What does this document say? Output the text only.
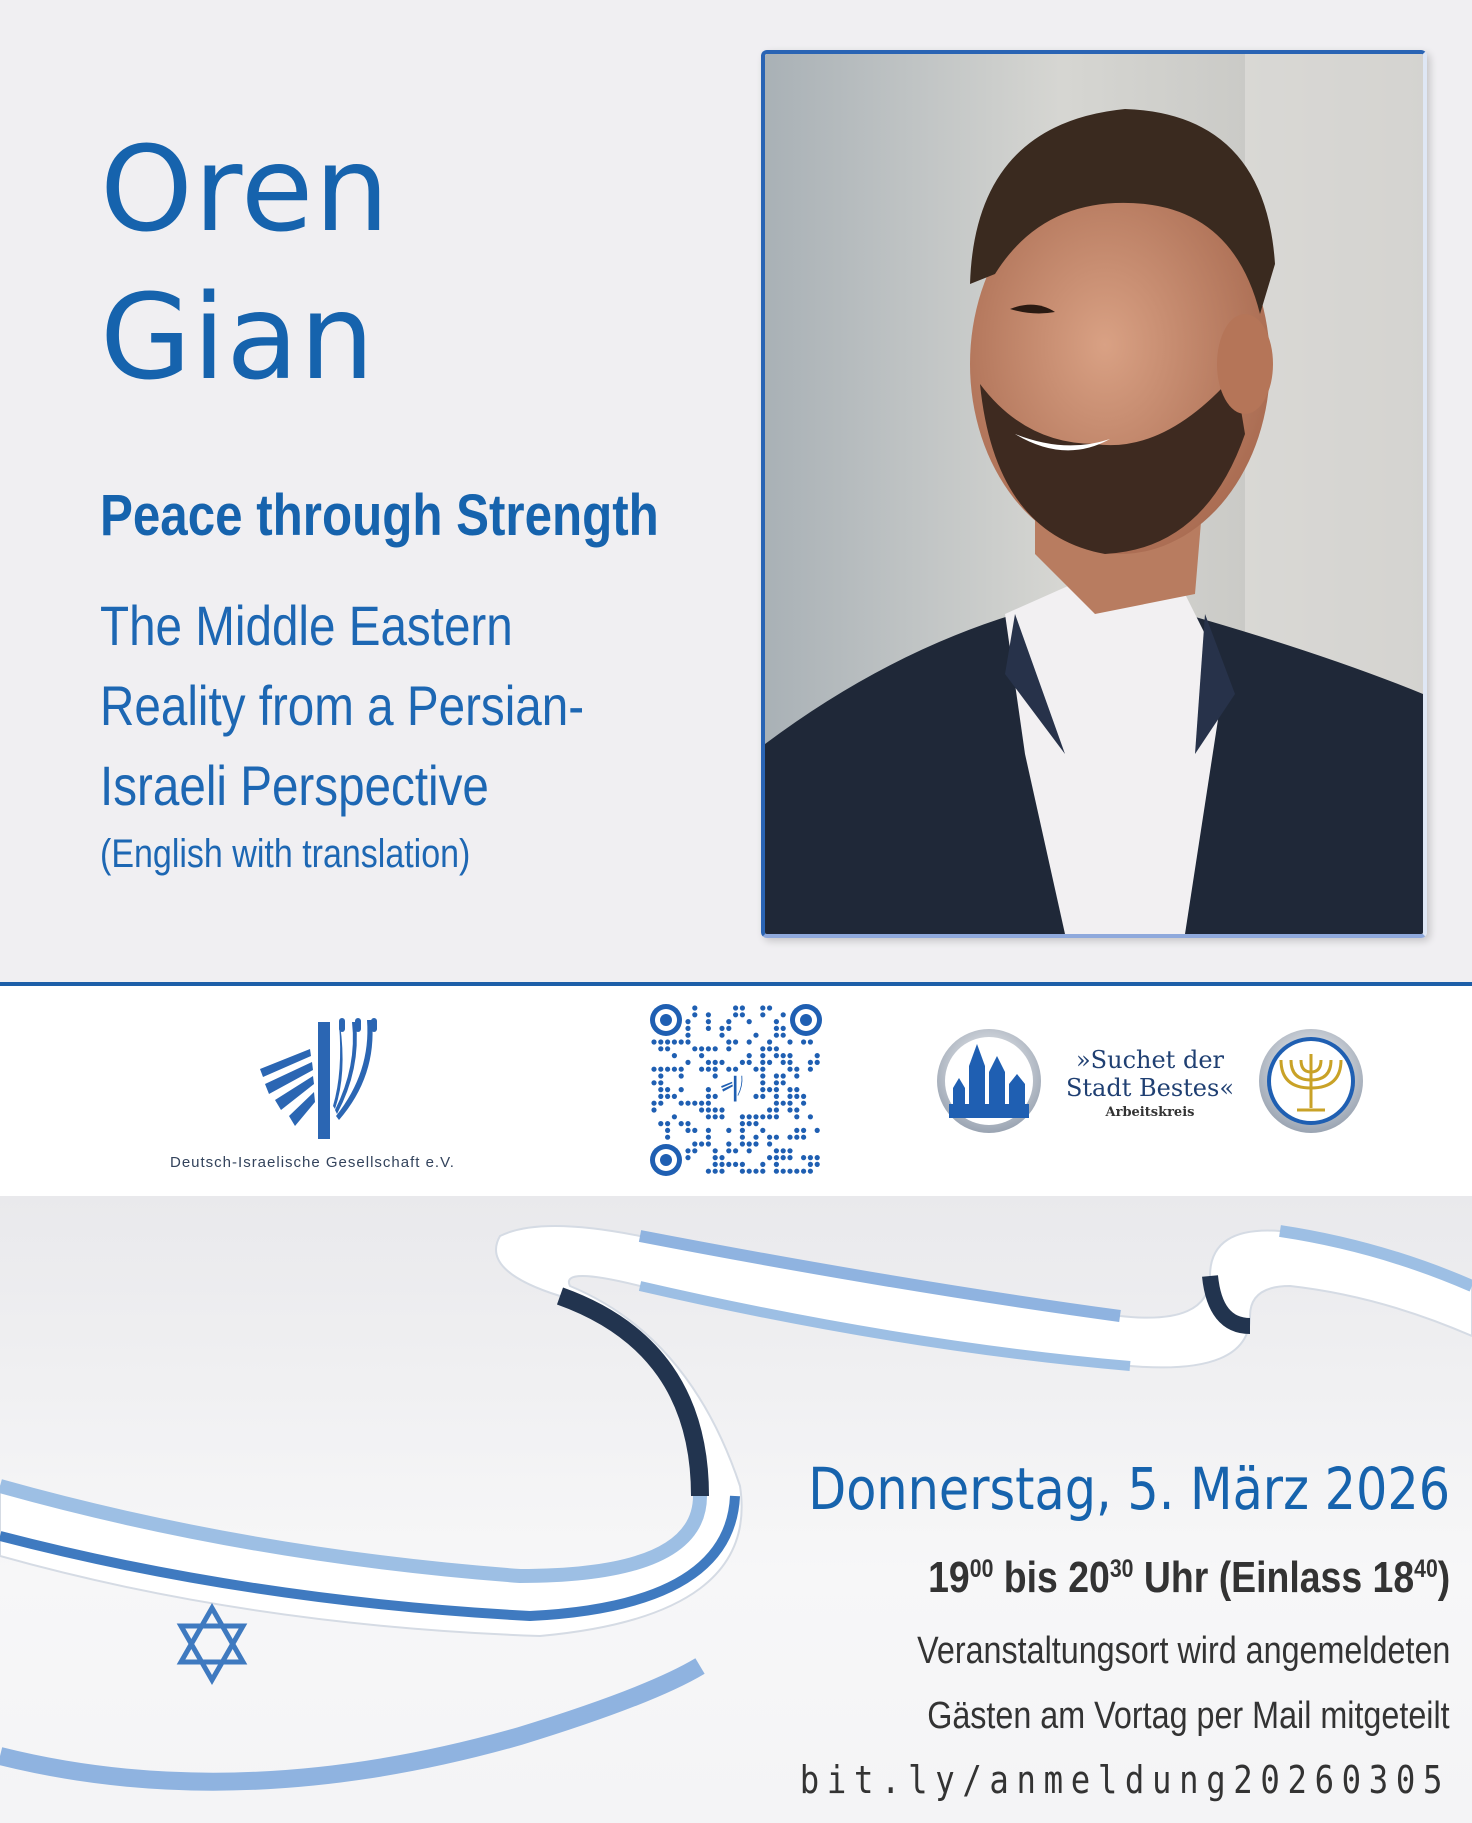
Oren
Gian
Peace through Strength
The Middle Eastern
Reality from a Persian-
Israeli Perspective
(English with translation)
Deutsch-Israelische Gesellschaft e.V.
»Suchet der
Stadt Bestes«
Arbeitskreis
Donnerstag, 5. März 2026
$19^{00}$ bis $20^{30}$ Uhr (Einlass $18^{40}$)
Veranstaltungsort wird angemeldeten
Gästen am Vortag per Mail mitgeteilt
bit.ly/anmeldung20260305
